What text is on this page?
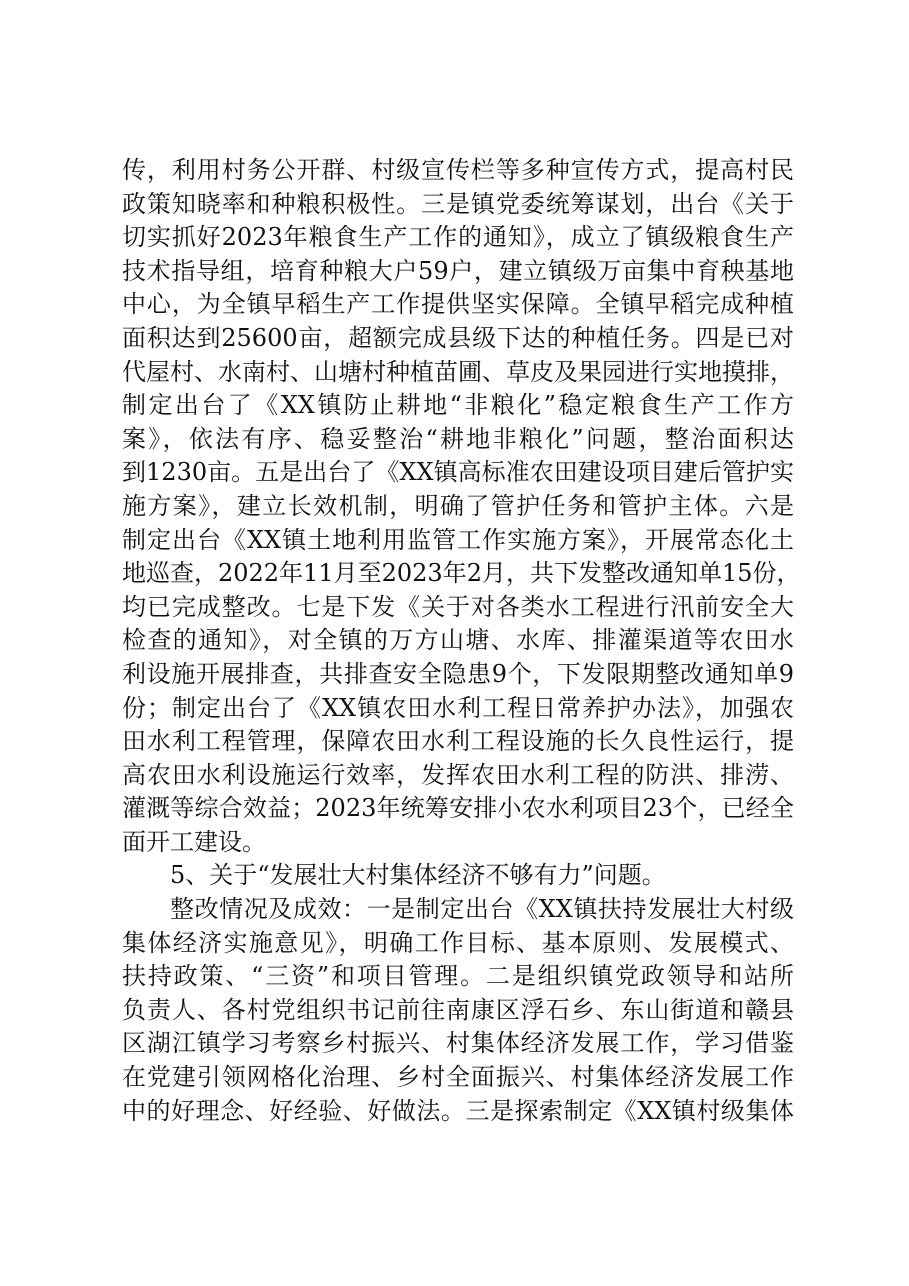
传，利用村务公开群、村级宣传栏等多种宣传方式，提高村民
政策知晓率和种粮积极性。三是镇党委统筹谋划，出台《关于
切实抓好2023年粮食生产工作的通知》，成立了镇级粮食生产
技术指导组，培育种粮大户59户，建立镇级万亩集中育秧基地
中心，为全镇早稻生产工作提供坚实保障。全镇早稻完成种植
面积达到25600亩，超额完成县级下达的种植任务。四是已对
代屋村、水南村、山塘村种植苗圃、草皮及果园进行实地摸排，
制定出台了《XX镇防止耕地“非粮化”稳定粮食生产工作方
案》，依法有序、稳妥整治“耕地非粮化”问题，整治面积达
到1230亩。五是出台了《XX镇高标准农田建设项目建后管护实
施方案》，建立长效机制，明确了管护任务和管护主体。六是
制定出台《XX镇土地利用监管工作实施方案》，开展常态化土
地巡查，2022年11月至2023年2月，共下发整改通知单15份，
均已完成整改。七是下发《关于对各类水工程进行汛前安全大
检查的通知》，对全镇的万方山塘、水库、排灌渠道等农田水
利设施开展排查，共排查安全隐患9个，下发限期整改通知单9
份；制定出台了《XX镇农田水利工程日常养护办法》，加强农
田水利工程管理，保障农田水利工程设施的长久良性运行，提
高农田水利设施运行效率，发挥农田水利工程的防洪、排涝、
灌溉等综合效益；2023年统筹安排小农水利项目23个，已经全
面开工建设。
5、关于“发展壮大村集体经济不够有力”问题。
整改情况及成效：一是制定出台《XX镇扶持发展壮大村级
集体经济实施意见》，明确工作目标、基本原则、发展模式、
扶持政策、“三资”和项目管理。二是组织镇党政领导和站所
负责人、各村党组织书记前往南康区浮石乡、东山街道和赣县
区湖江镇学习考察乡村振兴、村集体经济发展工作，学习借鉴
在党建引领网格化治理、乡村全面振兴、村集体经济发展工作
中的好理念、好经验、好做法。三是探索制定《XX镇村级集体
